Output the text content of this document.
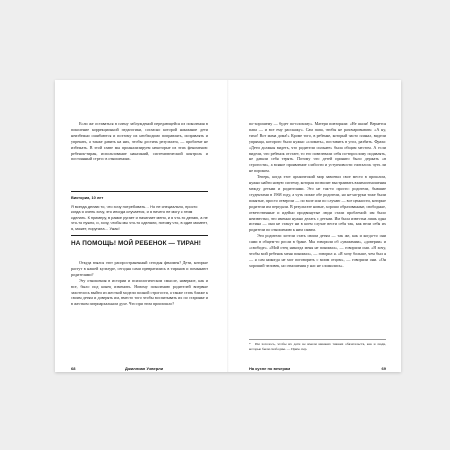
Если же оставаться в плену заблуждений передающейся из поколения в поколение коррекционной педагогики, согласно которой наказание дети неизбежно ошибаются и поэтому их необходимо поправлять, исправлять и упрекать, а также давить на них, чтобы достичь результата, — проблеме не избежать. В этой главе мы проанализируем некоторые из этих феноменов: ребенок-тиран, использование наказаний, систематический контроль и постоянный стресс в отношениях.

Викториа, 10 лет
Я всегда делаю то, что хочу потребовать… Но не специально, просто когда я очень хочу, это иногда случается, и я ничего не могу с этим сделать. К примеру, в рамке ругает и начинает меня, и я что-то делаю, а не что-то нужно, и, хочу, чтобы мы что-то сделали, потому что, в один момент, я, может, поругала… Ужас!
НА ПОМОЩЬ! МОЙ РЕБЕНОК — ТИРАН!

Откуда взялся этот распространенный сегодня феномен? Дети, которые растут в нашей культуре, сегодня сами превратились в тиранов и помыкают родителями?

Эту отношения в истории и психологическом смысле, наверное, как и все, было под конец изменить. Новому поколению родителей впервые захотелось выйти из жесткой модели полной строгости, а также стать ближе к своим детям и доверять им, вместо того чтобы воспитывать их по старинке и в жестком патриархальном духе. Что при этом произошло?

68	Джиллиан Уэверли

по-хорошему — будет по-плохому». Матери повторяли: «Не шали! Вернется папа — и все ему расскажу». Сам папа, чтобы не разочаровывать: «А ну, тихо! Вот мама дома!» Кроме того, в ребенке, который часто плакал, видели упрямца, которого было нужно «сломать», поставить в угол, разбить. Фраза: «Дети должны видеть, что родители сильнее» была общим местом. А если видели, что ребенок отстает, то его повелевали себя по-взрослому подавлять, не давали себя терять. Потому что детей принято было держать «в строгости», а всякое проявление слабости и уступчивости считалось чуть ли не пороком.

Теперь, когда этот архаический мир завоевал свое место в прошлом, нужно найти новую систему, которая позволит выстраивать взаимоотношения между детьми и родителями. Это не так-то просто: родители, бывшие студентами в 1968 году, а чуть позже обе родители, но не-на-руки тоже были понятые, просто отвергли — по воле или по случаю — все ценности, которые родители им передали. В результате новые, хорошо образованные, свободные, ответственные и идейно продвинутые люди стали проблемой: им было неизвестно, что именно нужно делать с детьми. Им была известна лишь одна истина — они не станут ни в коем случае вести себя так, как вели себя их родители по отношению к ним самим.

Эти родители хотели стать своим детям — так же, как и когда-то они сами в общем-то росли в браке. Мы говорили об «уважении», «доверии» и «свободе». «Мой отец никогда меня не понимал», — говорили они. «Я хочу, чтобы мой ребенок меня понимал», — говорил я. «Я хочу больше, чем был я — я сам никогда не мог поговорить с моим отцом», — говорили они. «Он хороший человек, но отношения у нас не сложились».

* Им хотелось, чтобы их дети не имели никаких тяжких обязательств, как и люди, которые были свободны. — Прим. пер.
На кухне по вечерам	69
